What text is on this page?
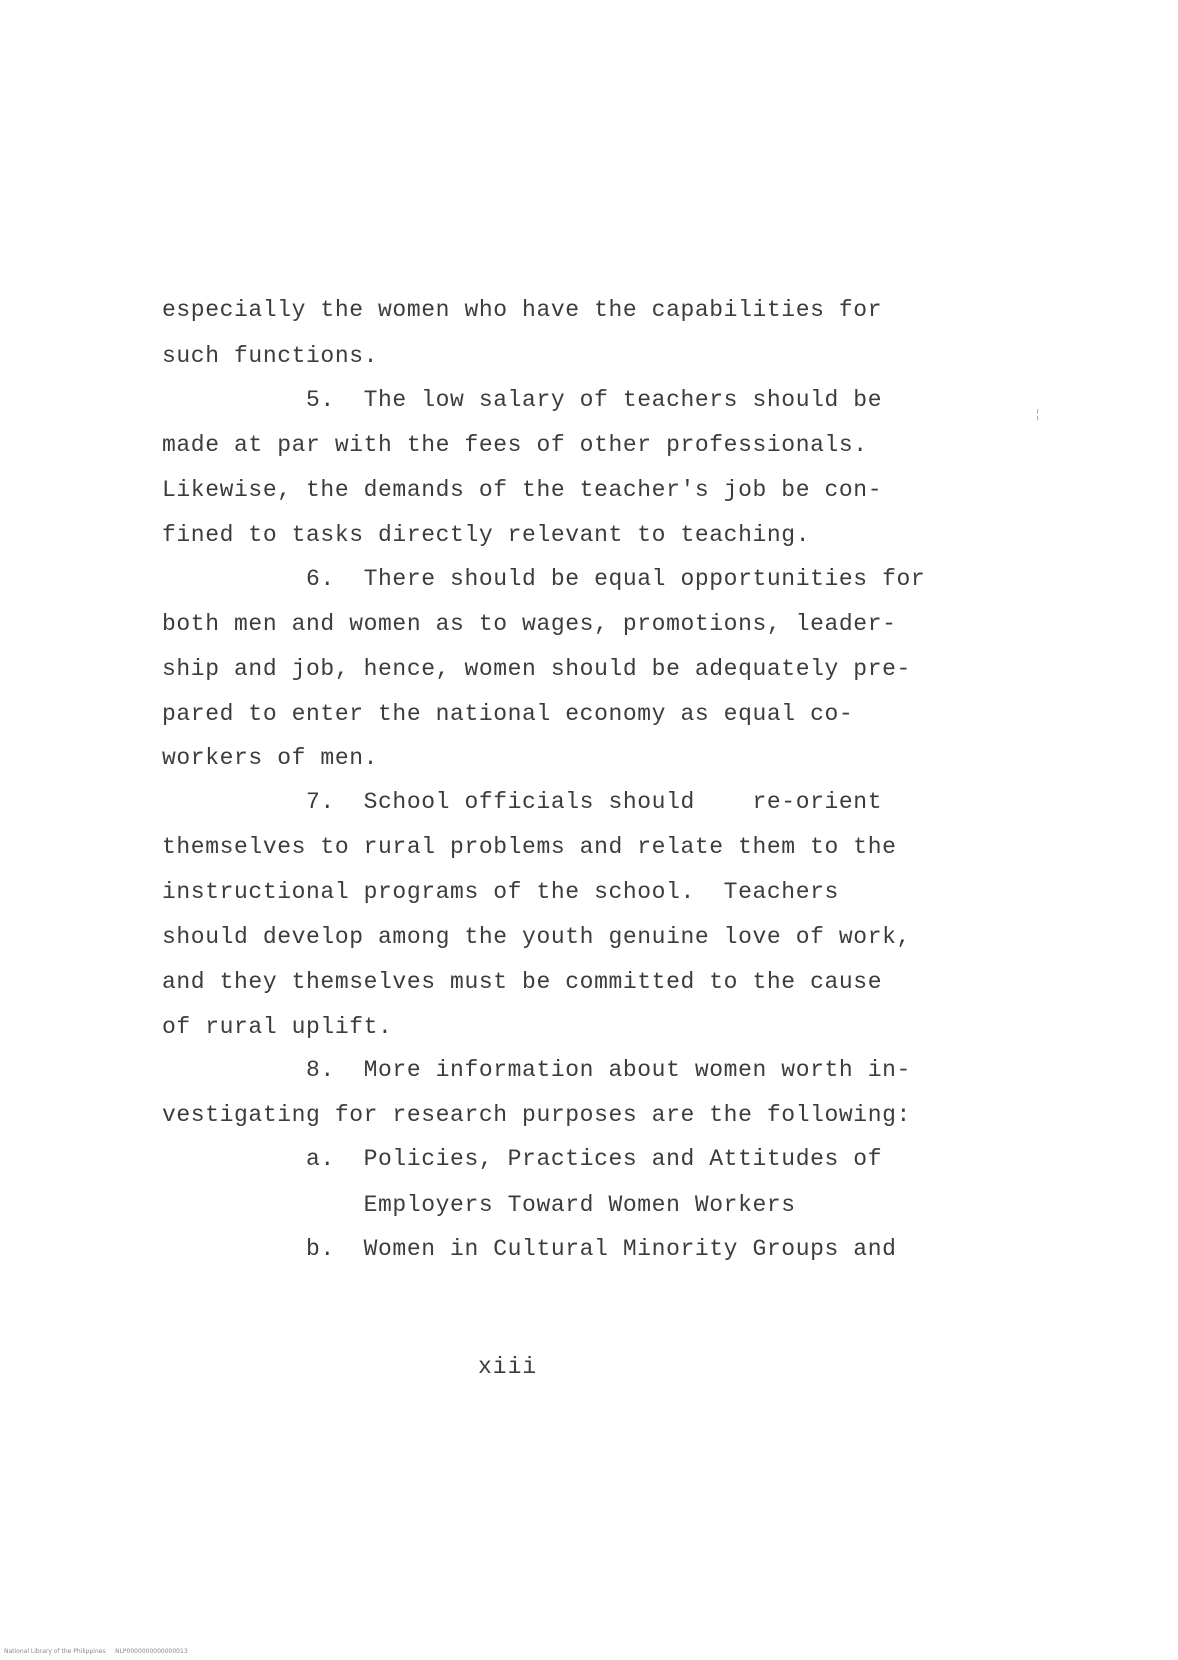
¦
especially the women who have the capabilities for
such functions.
5.  The low salary of teachers should be
made at par with the fees of other professionals.
Likewise, the demands of the teacher's job be con-
fined to tasks directly relevant to teaching.
6.  There should be equal opportunities for
both men and women as to wages, promotions, leader-
ship and job, hence, women should be adequately pre-
pared to enter the national economy as equal co-
workers of men.
7.  School officials should    re-orient
themselves to rural problems and relate them to the
instructional programs of the school.  Teachers
should develop among the youth genuine love of work,
and they themselves must be committed to the cause
of rural uplift.
8.  More information about women worth in-
vestigating for research purposes are the following:
a.  Policies, Practices and Attitudes of
Employers Toward Women Workers
b.  Women in Cultural Minority Groups and
xiii
National Library of the Philippines     NLP0000000000000013
